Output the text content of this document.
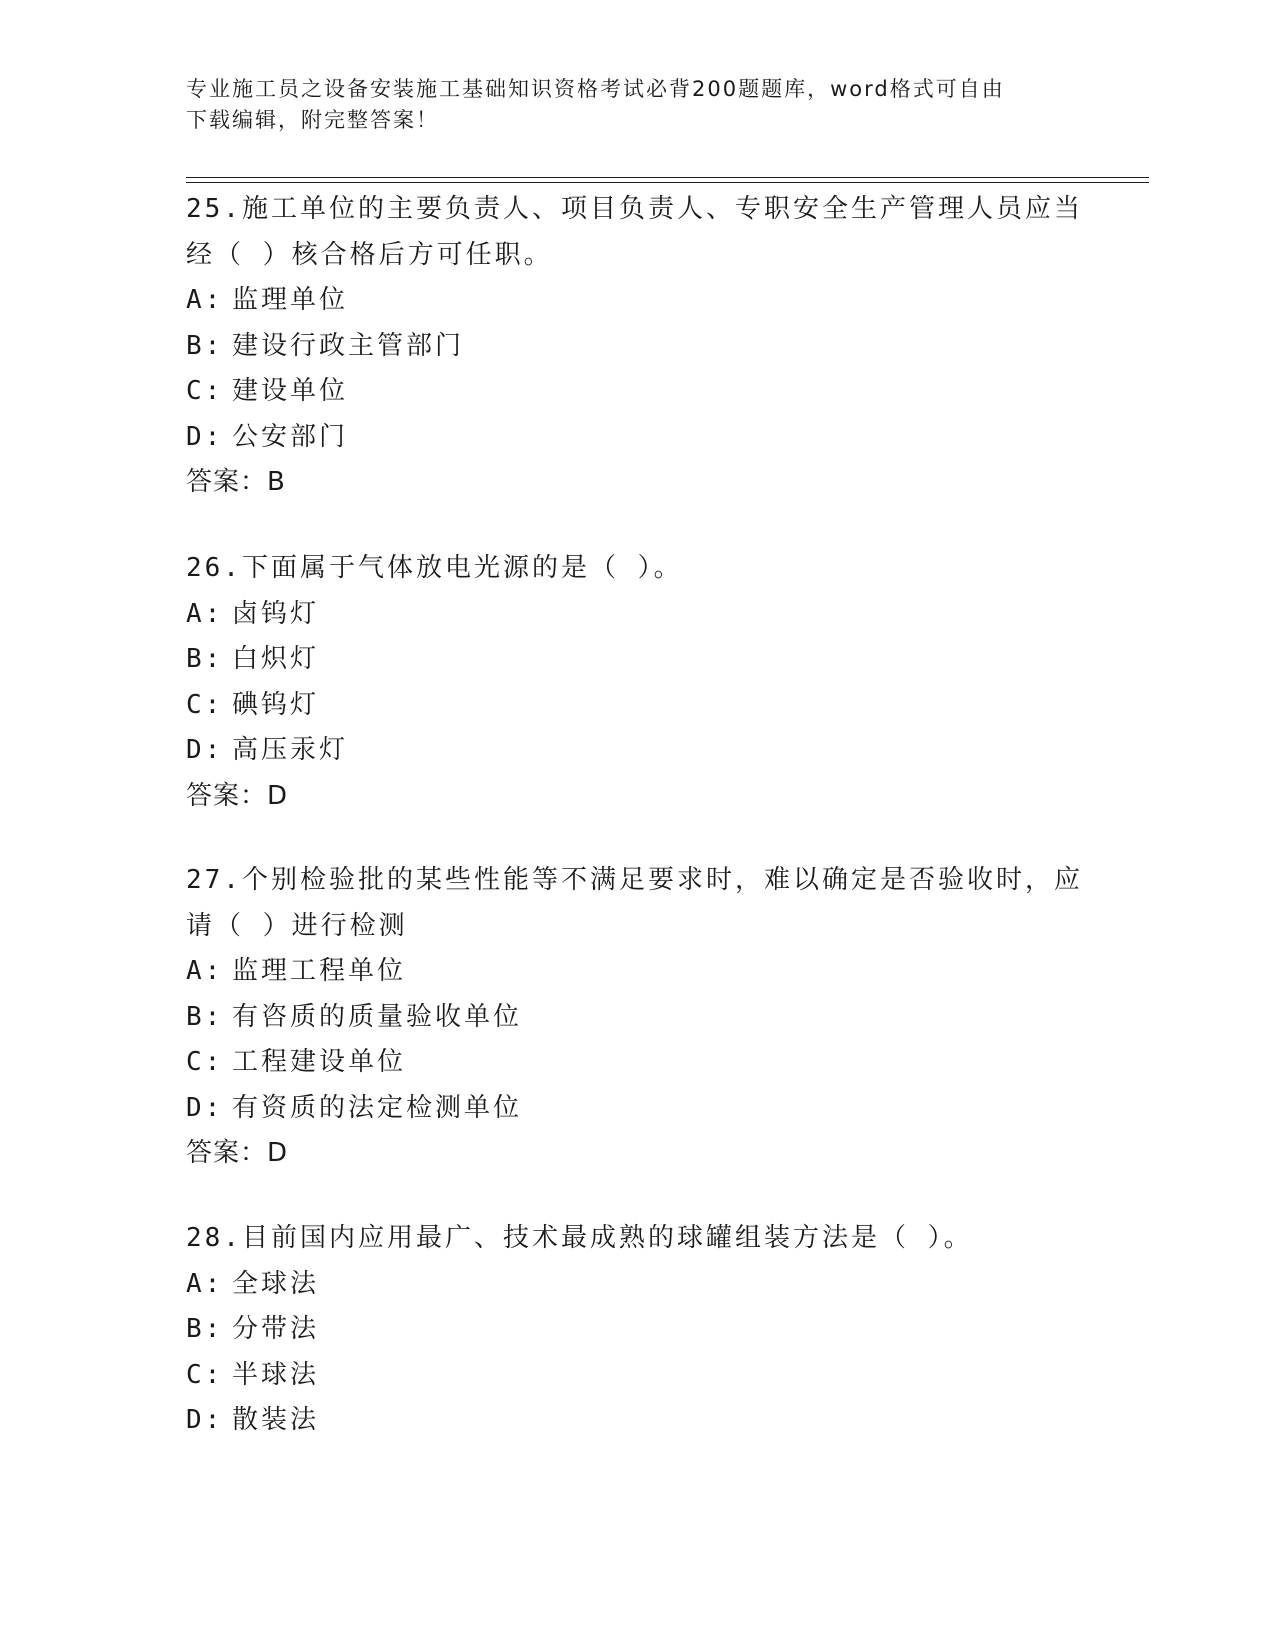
专业施工员之设备安装施工基础知识资格考试必背200题题库，word格式可自由
下载编辑，附完整答案！
25.施工单位的主要负责人、项目负责人、专职安全生产管理人员应当
经（ ）核合格后方可任职。
A: 监理单位
B: 建设行政主管部门
C: 建设单位
D: 公安部门
答案：B
26.下面属于气体放电光源的是（ ）。
A: 卤钨灯
B: 白炽灯
C: 碘钨灯
D: 高压汞灯
答案：D
27.个别检验批的某些性能等不满足要求时，难以确定是否验收时，应
请（ ）进行检测
A: 监理工程单位
B: 有咨质的质量验收单位
C: 工程建设单位
D: 有资质的法定检测单位
答案：D
28.目前国内应用最广、技术最成熟的球罐组装方法是（ ）。
A: 全球法
B: 分带法
C: 半球法
D: 散装法
